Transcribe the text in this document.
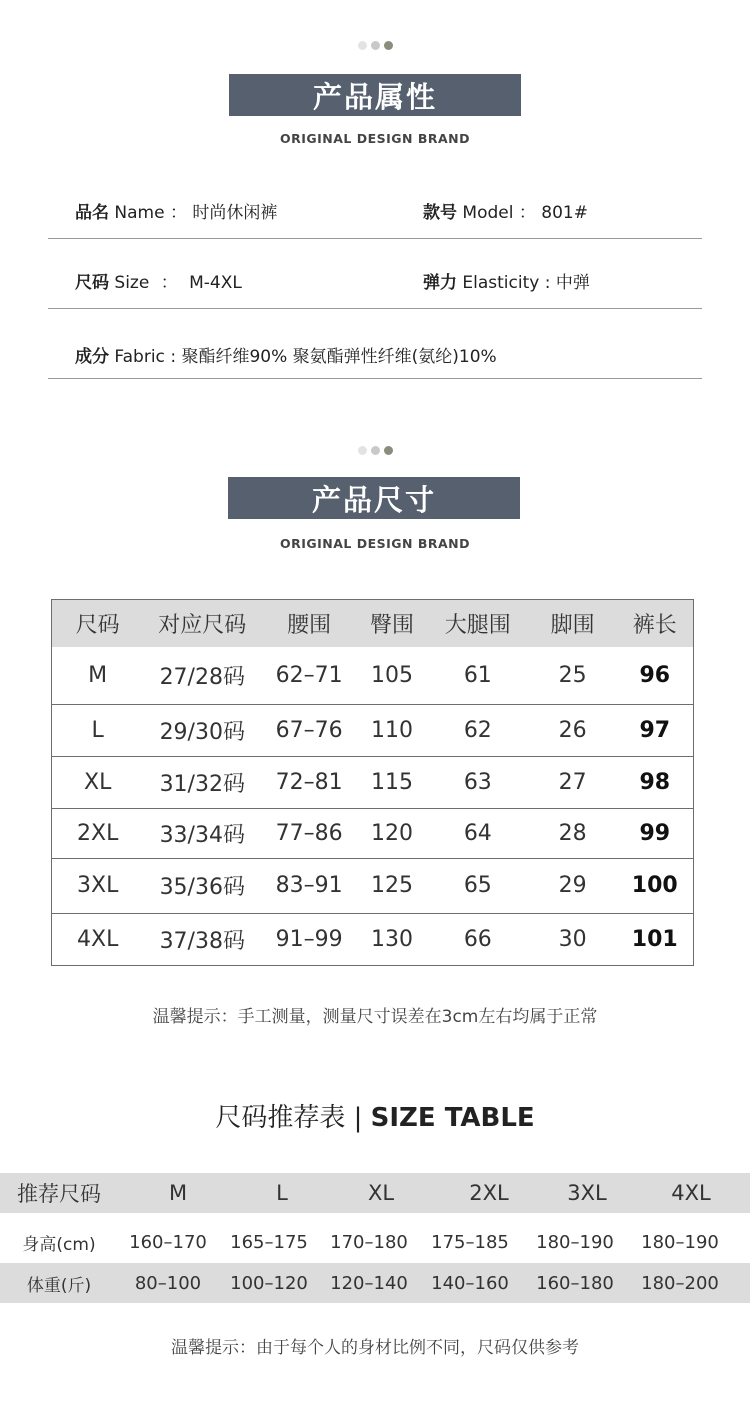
产品属性
ORIGINAL DESIGN BRAND
品名 Name ： 时尚休闲裤	款号 Model ： 801#
尺码 Size ： M-4XL	弹力 Elasticity : 中弹
成分 Fabric : 聚酯纤维90% 聚氨酯弹性纤维(氨纶)10%
产品尺寸
ORIGINAL DESIGN BRAND
尺码	对应尺码	腰围	臀围	大腿围	脚围	裤长
M	27/28码	62–71	105	61	25	96
L	29/30码	67–76	110	62	26	97
XL	31/32码	72–81	115	63	27	98
2XL	33/34码	77–86	120	64	28	99
3XL	35/36码	83–91	125	65	29	100
4XL	37/38码	91–99	130	66	30	101
温馨提示：手工测量，测量尺寸误差在3cm左右均属于正常
尺码推荐表 | SIZE TABLE
推荐尺码	M	L	XL	2XL	3XL	4XL
身高(cm)	160–170	165–175	170–180	175–185	180–190	180–190
体重(斤)	80–100	100–120	120–140	140–160	160–180	180–200
温馨提示：由于每个人的身材比例不同，尺码仅供参考
